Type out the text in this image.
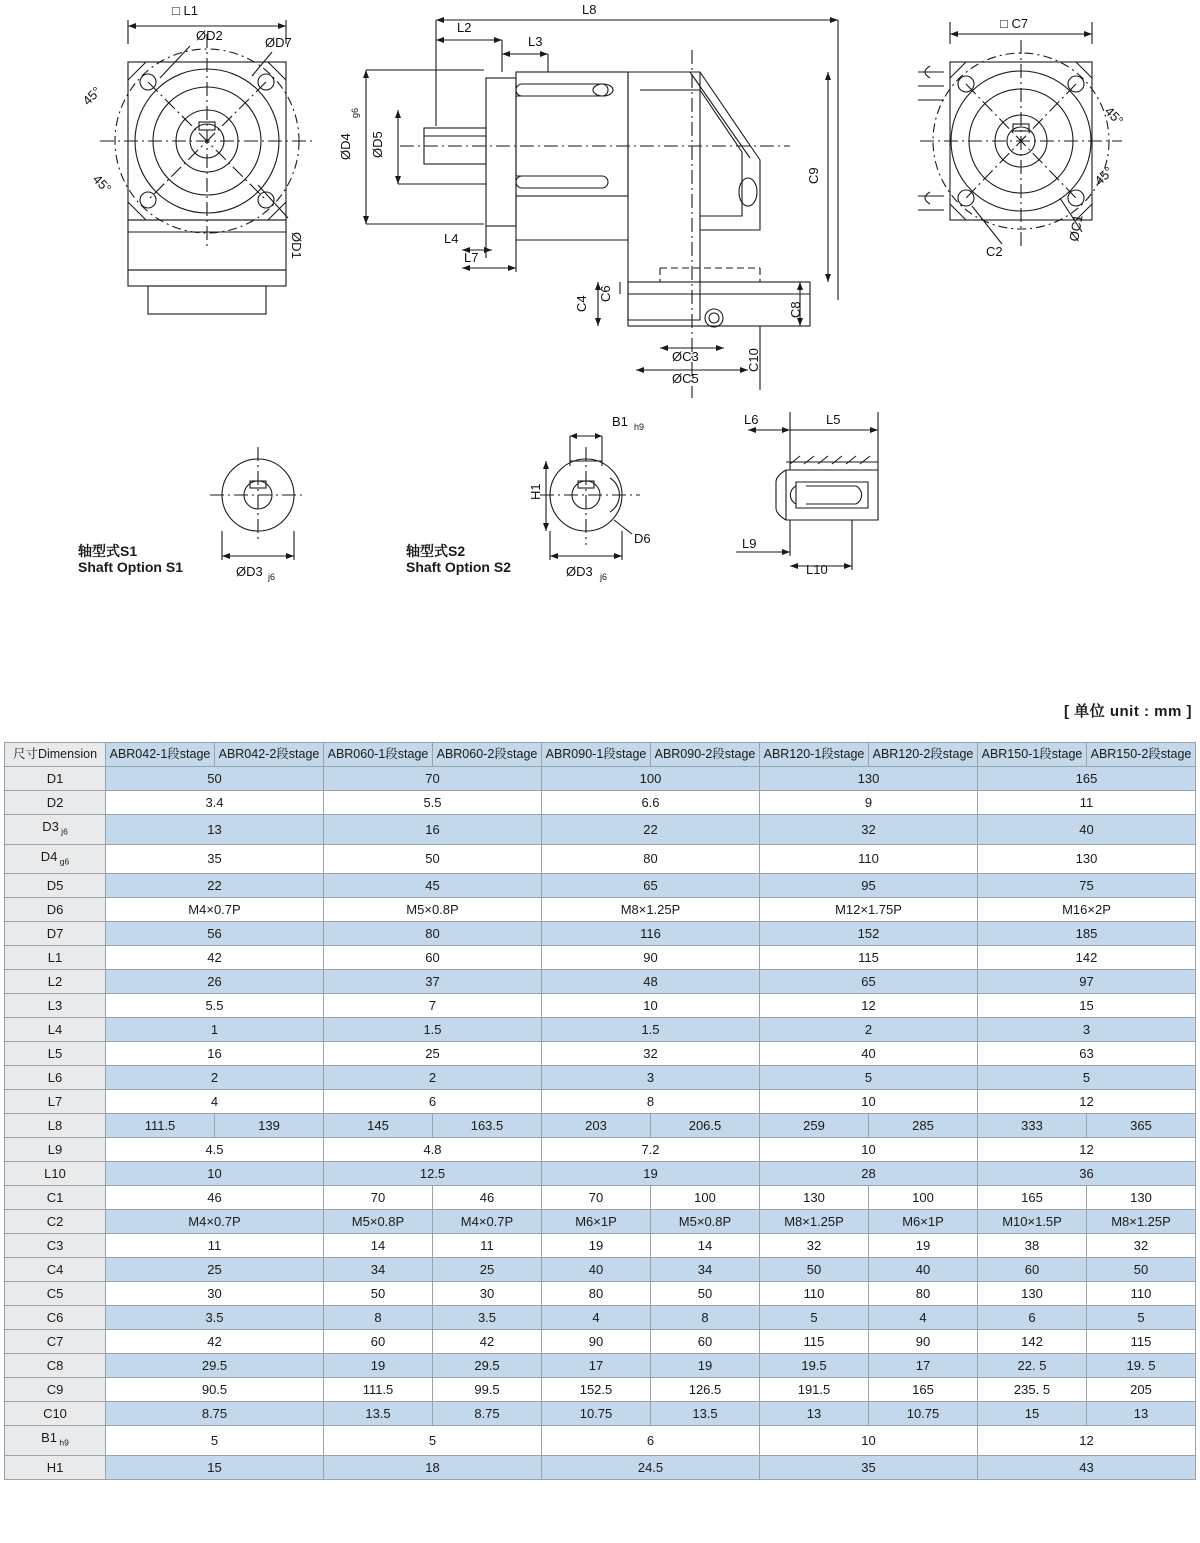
□ L1
ØD2	ØD7
45°
45°
ØD1
L8
L2
L3
ØD4
g6
ØD5
L4
L7
C9
C4
C6
C8
C10
ØC3
ØC5
□ C7
45°
45°
C2
ØC1
ØD3 j6
B1 h9
H1
D6
ØD3 j6
L6	L5
L9
L10
轴型式S1
Shaft Option S1
轴型式S2
Shaft Option S2
[ 单位 unit : mm ]
尺寸Dimension	ABR042-1段stage	ABR042-2段stage	ABR060-1段stage	ABR060-2段stage	ABR090-1段stage	ABR090-2段stage	ABR120-1段stage	ABR120-2段stage	ABR150-1段stage	ABR150-2段stage
D1	50		70		100		130		165	
D2	3.4		5.5		6.6		9		11	
D3 $_{j6}$	13		16		22		32		40	
D4 $_{g6}$	35		50		80		110		130	
D5	22		45		65		95		75	
D6	M4×0.7P		M5×0.8P		M8×1.25P		M12×1.75P		M16×2P	
D7	56		80		116		152		185	
L1	42		60		90		115		142	
L2	26		37		48		65		97	
L3	5.5		7		10		12		15	
L4	1		1.5		1.5		2		3	
L5	16		25		32		40		63	
L6	2		2		3		5		5	
L7	4		6		8		10		12	
L8	111.5	139	145	163.5	203	206.5	259	285	333	365
L9	4.5		4.8		7.2		10		12	
L10	10		12.5		19		28		36	
C1	46		70	46	70	100	130	100	165	130
C2	M4×0.7P		M5×0.8P	M4×0.7P	M6×1P	M5×0.8P	M8×1.25P	M6×1P	M10×1.5P	M8×1.25P
C3	11		14	11	19	14	32	19	38	32
C4	25		34	25	40	34	50	40	60	50
C5	30		50	30	80	50	110	80	130	110
C6	3.5		8	3.5	4	8	5	4	6	5
C7	42		60	42	90	60	115	90	142	115
C8	29.5		19	29.5	17	19	19.5	17	22. 5	19. 5
C9	90.5		111.5	99.5	152.5	126.5	191.5	165	235. 5	205
C10	8.75		13.5	8.75	10.75	13.5	13	10.75	15	13
B1 $_{h9}$	5		5		6		10		12	
H1	15		18		24.5		35		43	
